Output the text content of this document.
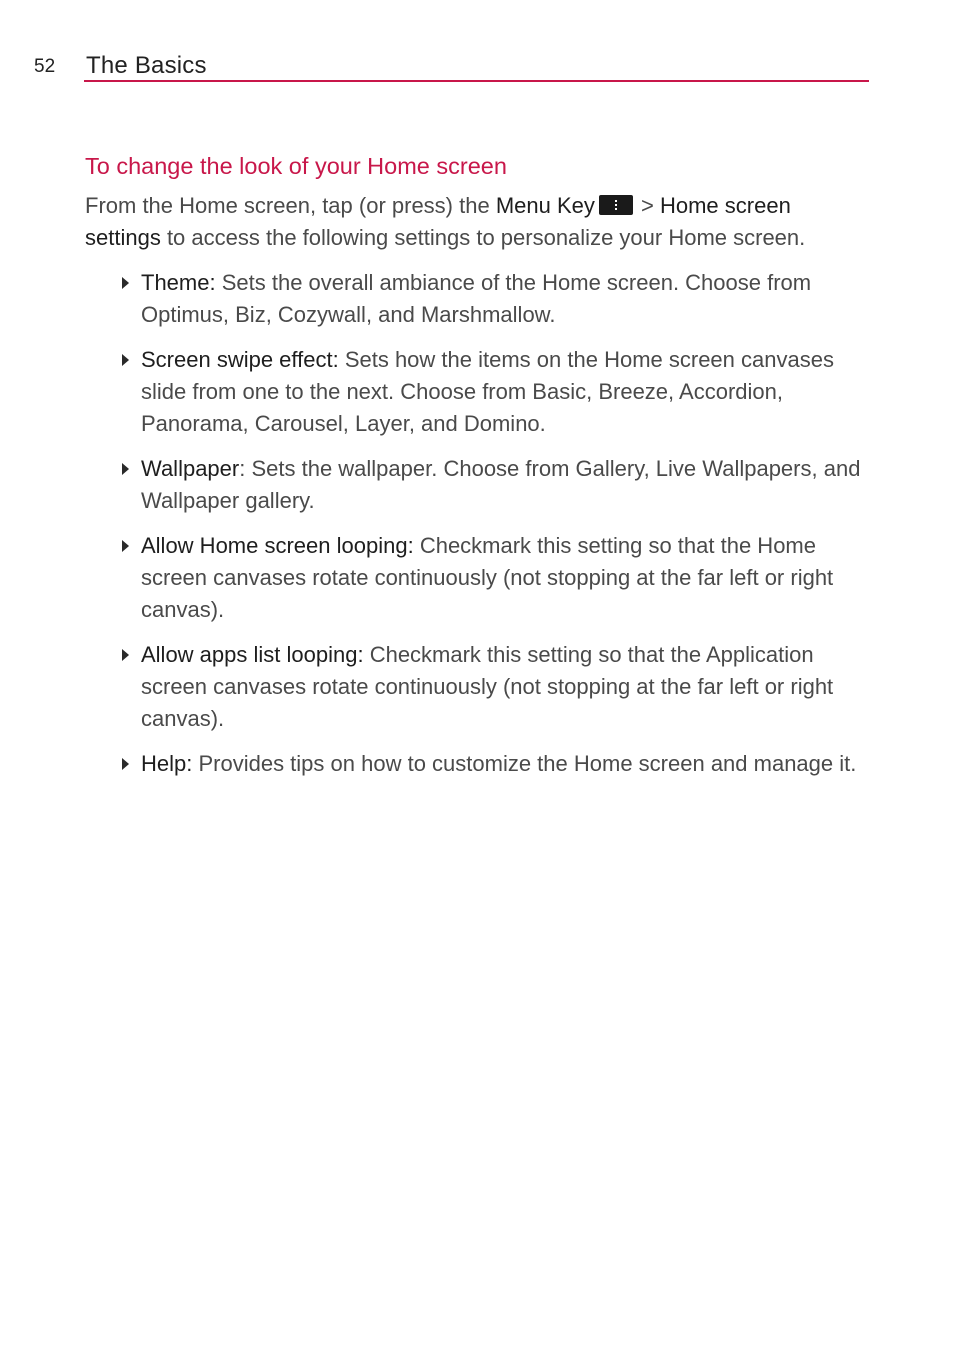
52 The Basics
To change the look of your Home screen

From the Home screen, tap (or press) the Menu Key
> Home screen settings to access the following settings to personalize your Home screen.

Theme: Sets the overall ambiance of the Home screen. Choose from Optimus, Biz, Cozywall, and Marshmallow.
Screen swipe effect: Sets how the items on the Home screen canvases slide from one to the next. Choose from Basic, Breeze, Accordion, Panorama, Carousel, Layer, and Domino.
Wallpaper: Sets the wallpaper. Choose from Gallery, Live Wallpapers, and Wallpaper gallery.
Allow Home screen looping: Checkmark this setting so that the Home screen canvases rotate continuously (not stopping at the far left or right canvas).
Allow apps list looping: Checkmark this setting so that the Application screen canvases rotate continuously (not stopping at the far left or right canvas).
Help: Provides tips on how to customize the Home screen and manage it.
